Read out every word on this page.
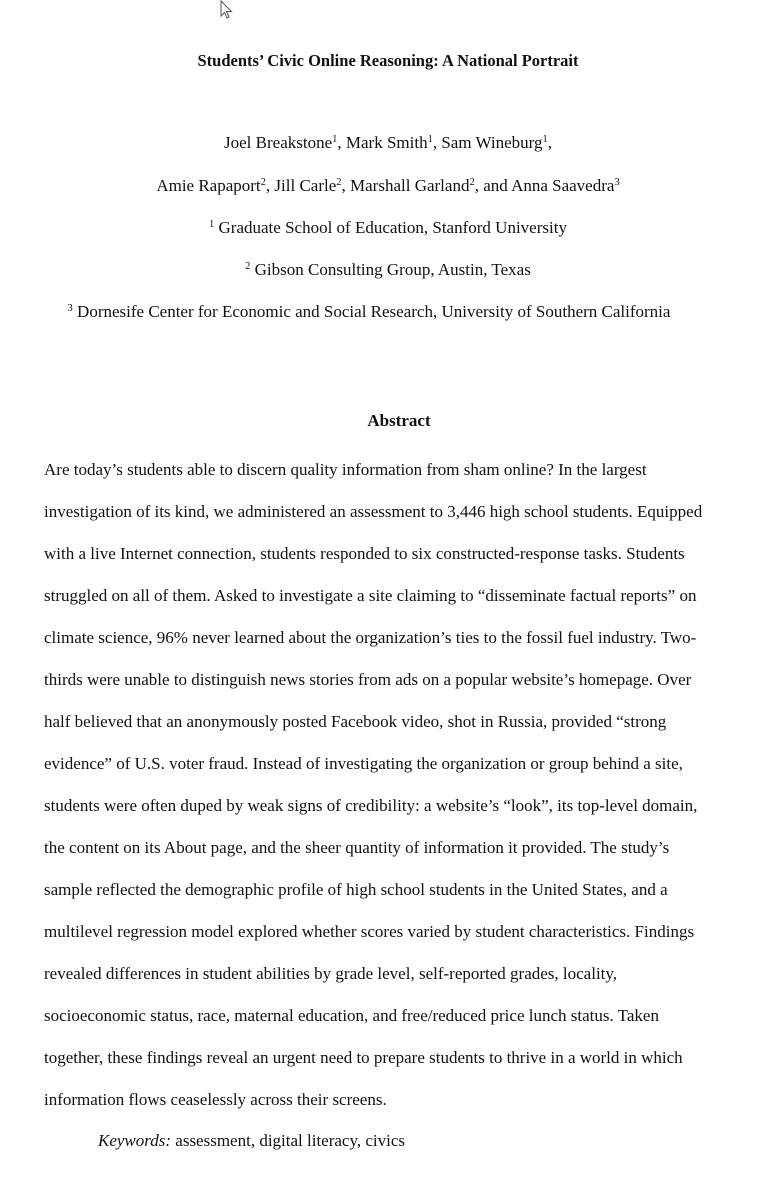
Students’ Civic Online Reasoning: A National Portrait
Joel Breakstone$^1$, Mark Smith$^1$, Sam Wineburg$^1$,
Amie Rapaport$^2$, Jill Carle$^2$, Marshall Garland$^2$, and Anna Saavedra$^3$
$^1$ Graduate School of Education, Stanford University
$^2$ Gibson Consulting Group, Austin, Texas
$^3$ Dornesife Center for Economic and Social Research, University of Southern California
Abstract
Are today’s students able to discern quality information from sham online? In the largest
investigation of its kind, we administered an assessment to 3,446 high school students. Equipped
with a live Internet connection, students responded to six constructed-response tasks. Students
struggled on all of them. Asked to investigate a site claiming to “disseminate factual reports” on
climate science, 96% never learned about the organization’s ties to the fossil fuel industry. Two-
thirds were unable to distinguish news stories from ads on a popular website’s homepage. Over
half believed that an anonymously posted Facebook video, shot in Russia, provided “strong
evidence” of U.S. voter fraud. Instead of investigating the organization or group behind a site,
students were often duped by weak signs of credibility: a website’s “look”, its top-level domain,
the content on its About page, and the sheer quantity of information it provided. The study’s
sample reflected the demographic profile of high school students in the United States, and a
multilevel regression model explored whether scores varied by student characteristics. Findings
revealed differences in student abilities by grade level, self-reported grades, locality,
socioeconomic status, race, maternal education, and free/reduced price lunch status. Taken
together, these findings reveal an urgent need to prepare students to thrive in a world in which
information flows ceaselessly across their screens.
Keywords: assessment, digital literacy, civics
